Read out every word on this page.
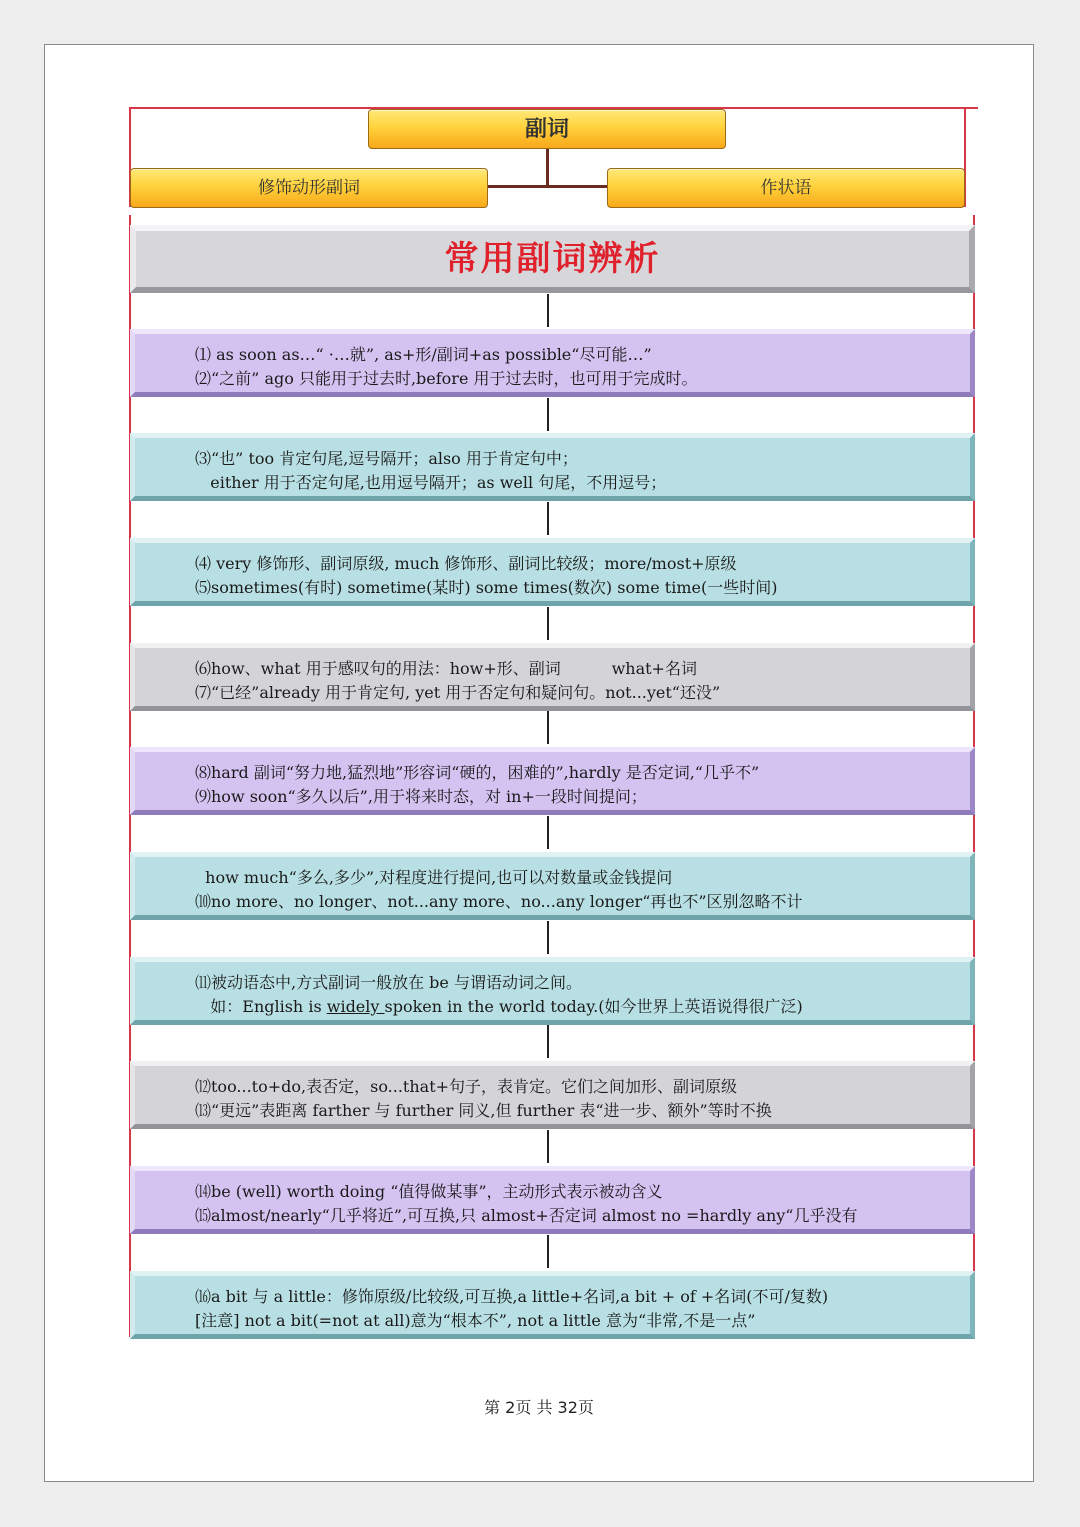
副词
修饰动形副词	作状语
常用副词辨析
⑴ as soon as…“ ·…就”, as+形/副词+as possible“尽可能…”
⑵“之前” ago 只能用于过去时,before 用于过去时，也可用于完成时。
⑶“也” too 肯定句尾,逗号隔开；also 用于肯定句中；
either 用于否定句尾,也用逗号隔开；as well 句尾，不用逗号；
⑷ very 修饰形、副词原级, much 修饰形、副词比较级；more/most+原级
⑸sometimes(有时) sometime(某时) some times(数次) some time(一些时间)
⑹how、what 用于感叹句的用法：how+形、副词          what+名词
⑺“已经”already 用于肯定句, yet 用于否定句和疑问句。not...yet“还没”
⑻hard 副词“努力地,猛烈地”形容词“硬的，困难的”,hardly 是否定词,“几乎不”
⑼how soon“多久以后”,用于将来时态，对 in+一段时间提问；
how much“多么,多少”,对程度进行提问,也可以对数量或金钱提问
⑽no more、no longer、not...any more、no...any longer“再也不”区别忽略不计
⑾被动语态中,方式副词一般放在 be 与谓语动词之间。
如：English is widely spoken in the world today.(如今世界上英语说得很广泛)
⑿too...to+do,表否定，so...that+句子，表肯定。它们之间加形、副词原级
⒀“更远”表距离 farther 与 further 同义,但 further 表“进一步、额外”等时不换
⒁be (well) worth doing “值得做某事”，主动形式表示被动含义
⒂almost/nearly“几乎将近”,可互换,只 almost+否定词 almost no =hardly any“几乎没有
⒃a bit 与 a little：修饰原级/比较级,可互换,a little+名词,a bit + of +名词(不可/复数)
[注意] not a bit(=not at all)意为“根本不”, not a little 意为“非常,不是一点”
第 2页 共 32页
